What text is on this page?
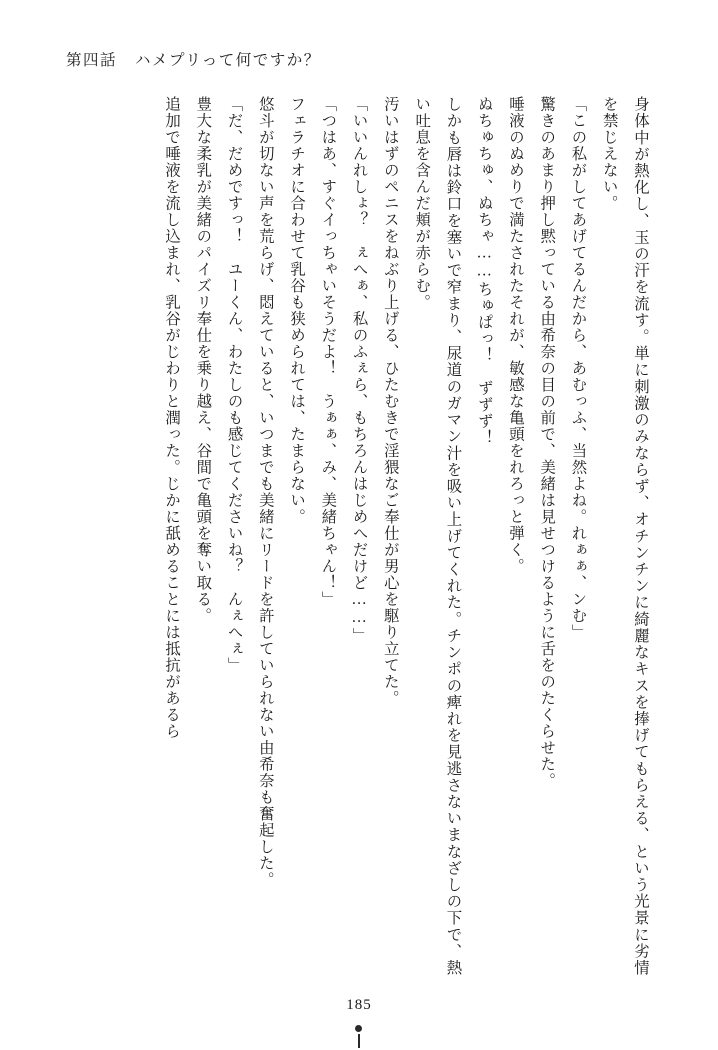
第四話 ハメプリって何ですか？

身体中が熱化し、玉の汗を流す。単に刺激のみならず、オチンチンに綺麗なキスを捧げてもらえる、という光景に劣情を禁じえない。

「この私がしてあげてるんだから、あむっふ、当然よね。れぁぁ、ンむ」

驚きのあまり押し黙っている由希奈の目の前で、美緒は見せつけるように舌をのたくらせた。

唾液のぬめりで満たされたそれが、敏感な亀頭をれろっと弾く。

ぬちゅちゅ、ぬちゃ……ちゅぱっ！　ずずず！

しかも唇は鈴口を塞いで窄まり、尿道のガマン汁を吸い上げてくれた。チンポの痺れを見逃さないまなざしの下で、熱い吐息を含んだ頬が赤らむ。

汚いはずのペニスをねぶり上げる、ひたむきで淫猥なご奉仕が男心を駆り立てた。

「いいんれしょ？　ぇへぁ、私のふぇら、もちろんはじめへだけど……」

「つはあ、すぐイっちゃいそうだよ！　うぁぁ、み、美緒ちゃん！」

フェラチオに合わせて乳谷も狭められては、たまらない。

悠斗が切ない声を荒らげ、悶えていると、いつまでも美緒にリードを許していられない由希奈も奮起した。

「だ、だめですっ！　ユーくん、わたしのも感じてくださいね？　んぇへぇ」

豊大な柔乳が美緒のパイズリ奉仕を乗り越え、谷間で亀頭を奪い取る。

追加で唾液を流し込まれ、乳谷がじわりと潤った。じかに舐めることには抵抗があるら

185
